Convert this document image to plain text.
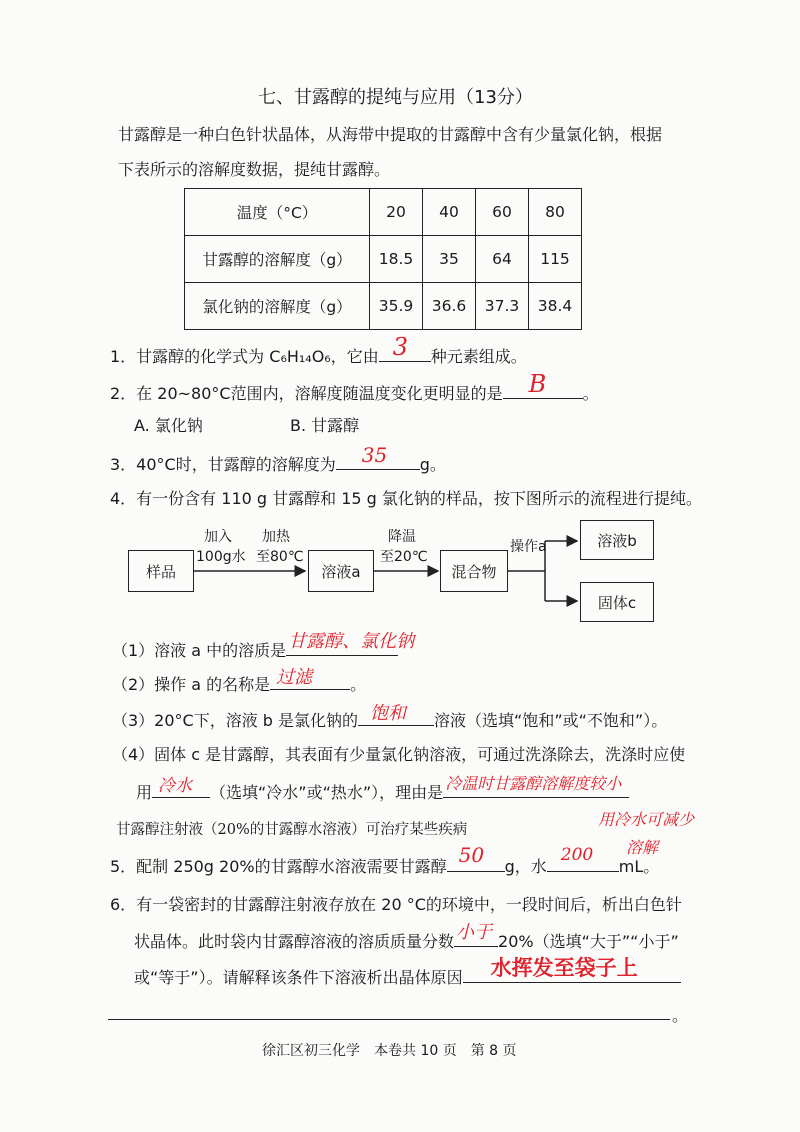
七、甘露醇的提纯与应用（13分）
甘露醇是一种白色针状晶体，从海带中提取的甘露醇中含有少量氯化钠，根据
下表所示的溶解度数据，提纯甘露醇。
温度（°C）	20	40	60	80
甘露醇的溶解度（g）	18.5	35	64	115
氯化钠的溶解度（g）	35.9	36.6	37.3	38.4
1．甘露醇的化学式为 C₆H₁₄O₆，它由 3 种元素组成。
2．在 20~80°C范围内，溶解度随温度变化更明显的是 B 。
A. 氯化钠	B. 甘露醇
3．40°C时，甘露醇的溶解度为 35 g。
4．有一份含有 110 g 甘露醇和 15 g 氯化钠的样品，按下图所示的流程进行提纯。
样品
加入
100g水
加热
至80℃
溶液a
降温
至20℃
混合物
操作a	溶液b
固体c
（1）溶液 a 中的溶质是 甘露醇、氯化钠
（2）操作 a 的名称是 过滤 。
（3）20°C下，溶液 b 是氯化钠的 饱和 溶液（选填“饱和”或“不饱和”）。
（4）固体 c 是甘露醇，其表面有少量氯化钠溶液，可通过洗涤除去，洗涤时应使
用 冷水 （选填“冷水”或“热水”），理由是 冷温时甘露醇溶解度较小
用冷水可减少
溶解
甘露醇注射液（20%的甘露醇水溶液）可治疗某些疾病
5．配制 250g 20%的甘露醇水溶液需要甘露醇 50 g，水
200
mL。
6．有一袋密封的甘露醇注射液存放在 20 °C的环境中，一段时间后，析出白色针
状晶体。此时袋内甘露醇溶液的溶质质量分数 小于 20%（选填“大于”“小于”
或“等于”）。请解释该条件下溶液析出晶体原因 水挥发至袋子上
。
徐汇区初三化学　本卷共 10 页　第 8 页
